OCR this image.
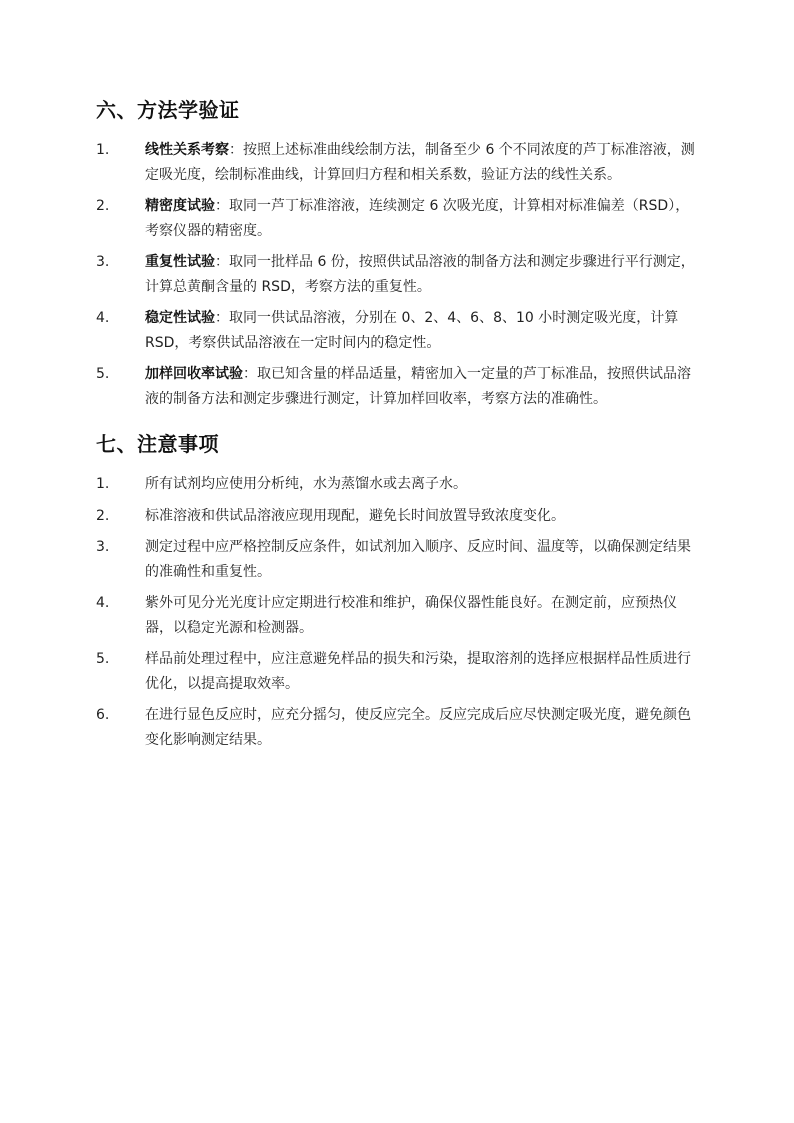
六、方法学验证
1.	线性关系考察：按照上述标准曲线绘制方法，制备至少 6 个不同浓度的芦丁标准溶液，测定吸光度，绘制标准曲线，计算回归方程和相关系数，验证方法的线性关系。
2.	精密度试验：取同一芦丁标准溶液，连续测定 6 次吸光度，计算相对标准偏差（RSD），考察仪器的精密度。
3.	重复性试验：取同一批样品 6 份，按照供试品溶液的制备方法和测定步骤进行平行测定，计算总黄酮含量的 RSD，考察方法的重复性。
4.	稳定性试验：取同一供试品溶液，分别在 0、2、4、6、8、10 小时测定吸光度，计算 RSD，考察供试品溶液在一定时间内的稳定性。
5.	加样回收率试验：取已知含量的样品适量，精密加入一定量的芦丁标准品，按照供试品溶液的制备方法和测定步骤进行测定，计算加样回收率，考察方法的准确性。
七、注意事项
1.	所有试剂均应使用分析纯，水为蒸馏水或去离子水。
2.	标准溶液和供试品溶液应现用现配，避免长时间放置导致浓度变化。
3.	测定过程中应严格控制反应条件，如试剂加入顺序、反应时间、温度等，以确保测定结果的准确性和重复性。
4.	紫外可见分光光度计应定期进行校准和维护，确保仪器性能良好。在测定前，应预热仪器，以稳定光源和检测器。
5.	样品前处理过程中，应注意避免样品的损失和污染，提取溶剂的选择应根据样品性质进行优化，以提高提取效率。
6.	在进行显色反应时，应充分摇匀，使反应完全。反应完成后应尽快测定吸光度，避免颜色变化影响测定结果。
